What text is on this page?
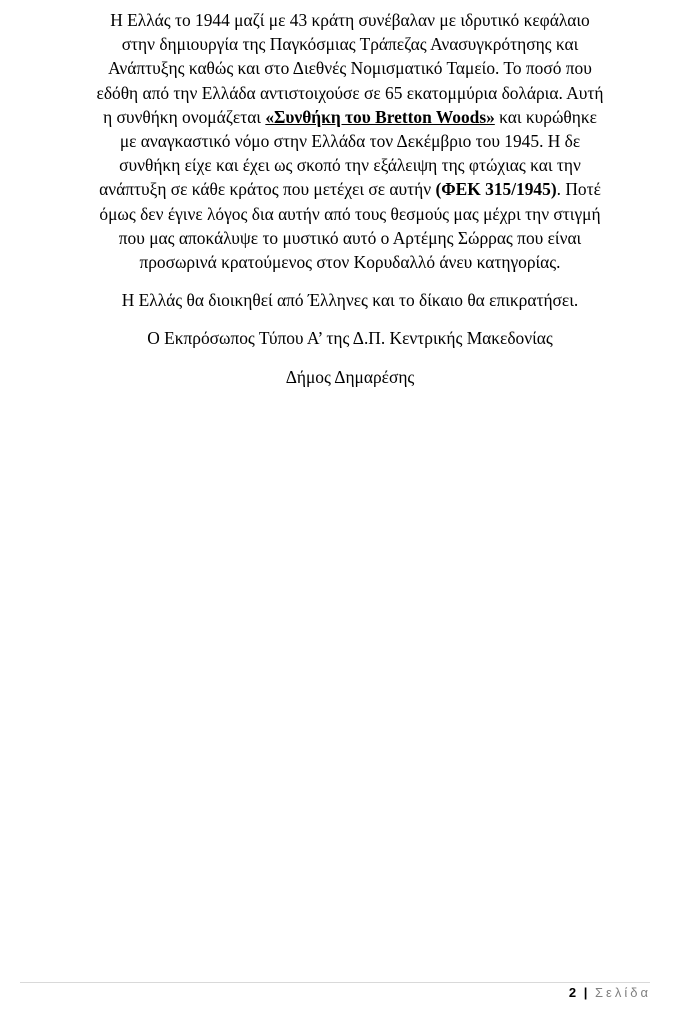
Η Ελλάς το 1944 μαζί με 43 κράτη συνέβαλαν με ιδρυτικό κεφάλαιο
στην δημιουργία της Παγκόσμιας Τράπεζας Ανασυγκρότησης και
Ανάπτυξης καθώς και στο Διεθνές Νομισματικό Ταμείο. Το ποσό που
εδόθη από την Ελλάδα αντιστοιχούσε σε 65 εκατομμύρια δολάρια. Αυτή
η συνθήκη ονομάζεται «Συνθήκη του Bretton Woods» και κυρώθηκε
με αναγκαστικό νόμο στην Ελλάδα τον Δεκέμβριο του 1945. Η δε
συνθήκη είχε και έχει ως σκοπό την εξάλειψη της φτώχιας και την
ανάπτυξη σε κάθε κράτος που μετέχει σε αυτήν (ΦΕΚ 315/1945). Ποτέ
όμως δεν έγινε λόγος δια αυτήν από τους θεσμούς μας μέχρι την στιγμή
που μας αποκάλυψε το μυστικό αυτό ο Αρτέμης Σώρρας που είναι
προσωρινά κρατούμενος στον Κορυδαλλό άνευ κατηγορίας.
Η Ελλάς θα διοικηθεί από Έλληνες και το δίκαιο θα επικρατήσει.
Ο Εκπρόσωπος Τύπου Α’ της Δ.Π. Κεντρικής Μακεδονίας
Δήμος Δημαρέσης
2 | Σελίδα
